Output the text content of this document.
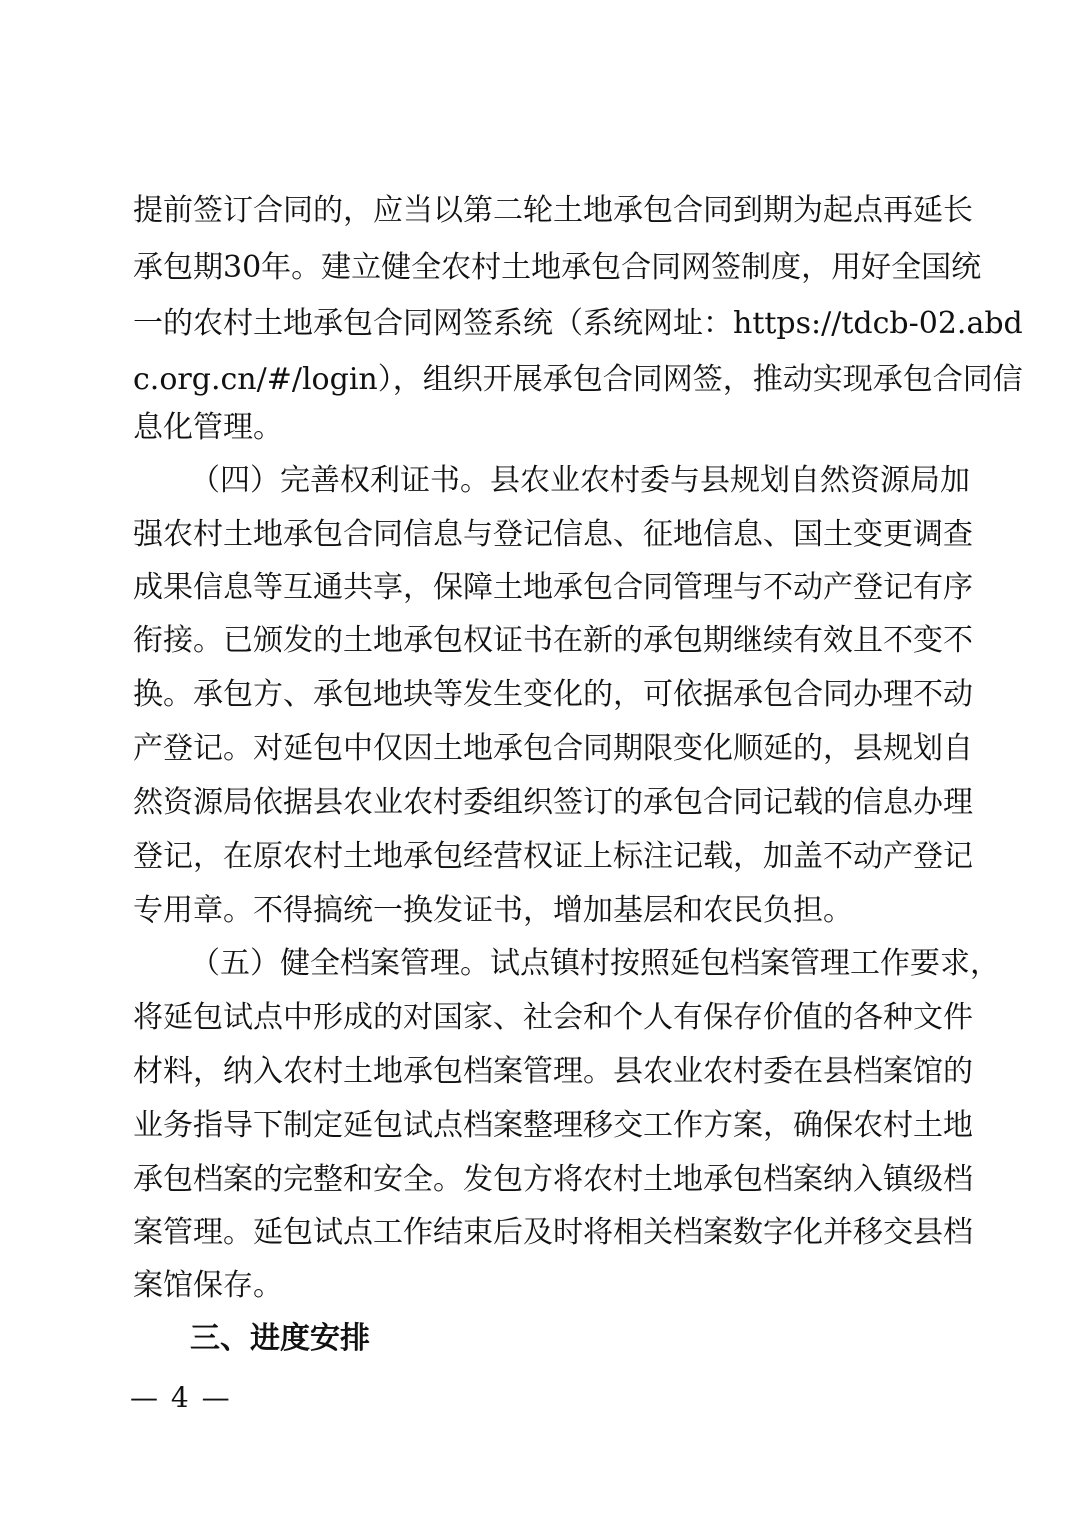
提前签订合同的，应当以第二轮土地承包合同到期为起点再延长
承包期30年。建立健全农村土地承包合同网签制度，用好全国统
一的农村土地承包合同网签系统（系统网址：https://tdcb-02.abd
c.org.cn/#/login），组织开展承包合同网签，推动实现承包合同信
息化管理。
（四）完善权利证书。县农业农村委与县规划自然资源局加
强农村土地承包合同信息与登记信息、征地信息、国土变更调查
成果信息等互通共享，保障土地承包合同管理与不动产登记有序
衔接。已颁发的土地承包权证书在新的承包期继续有效且不变不
换。承包方、承包地块等发生变化的，可依据承包合同办理不动
产登记。对延包中仅因土地承包合同期限变化顺延的，县规划自
然资源局依据县农业农村委组织签订的承包合同记载的信息办理
登记，在原农村土地承包经营权证上标注记载，加盖不动产登记
专用章。不得搞统一换发证书，增加基层和农民负担。
（五）健全档案管理。试点镇村按照延包档案管理工作要求，
将延包试点中形成的对国家、社会和个人有保存价值的各种文件
材料，纳入农村土地承包档案管理。县农业农村委在县档案馆的
业务指导下制定延包试点档案整理移交工作方案，确保农村土地
承包档案的完整和安全。发包方将农村土地承包档案纳入镇级档
案管理。延包试点工作结束后及时将相关档案数字化并移交县档
案馆保存。
三、进度安排
— 4 —
